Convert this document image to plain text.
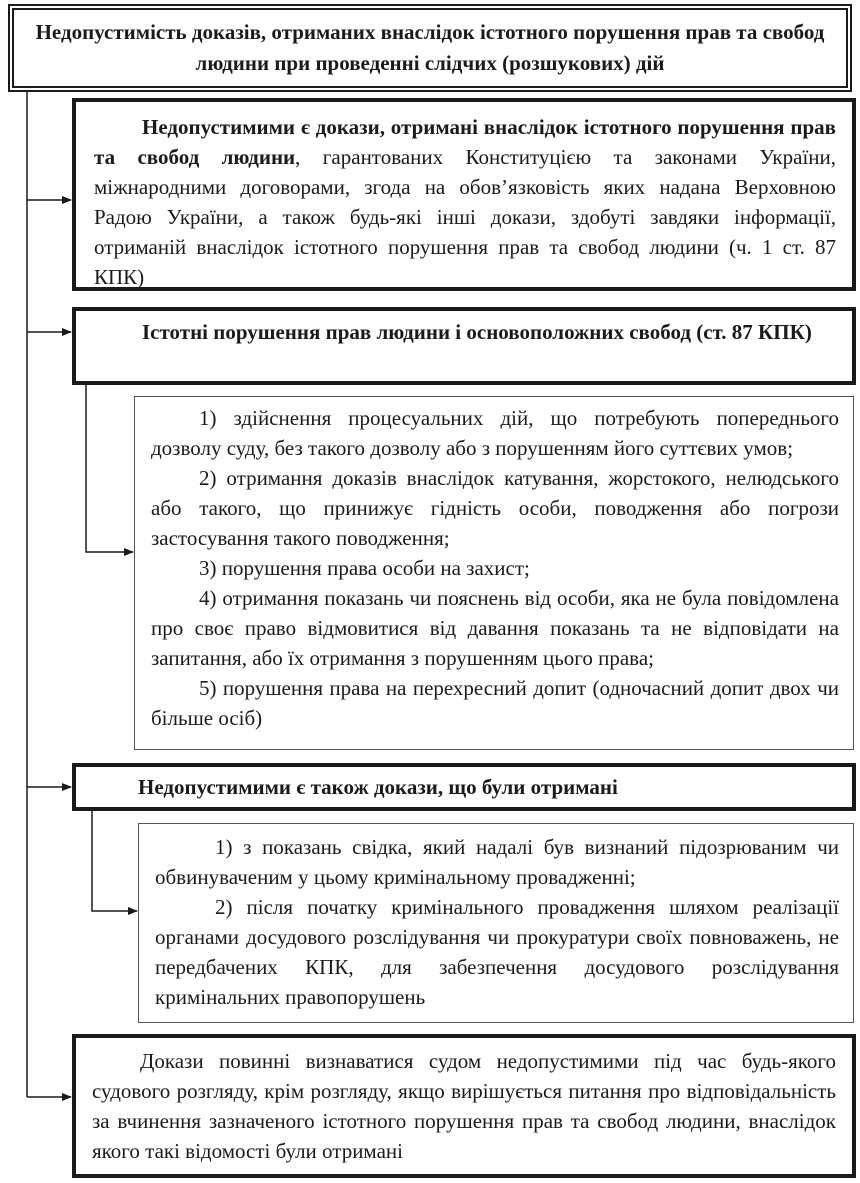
Недопустимість доказів, отриманих внаслідок істотного порушення прав та свобод людини при проведенні слідчих (розшукових) дій

Недопустимими є докази, отримані внаслідок істотного порушення прав та свобод людини, гарантованих Конституцією та законами України, міжнародними договорами, згода на обов’язковість яких надана Верховною Радою України, а також будь-які інші докази, здобуті завдяки інформації, отриманій внаслідок істотного порушення прав та свобод людини (ч. 1 ст. 87 КПК)

Істотні порушення прав людини і основоположних свобод (ст. 87 КПК)

1) здійснення процесуальних дій, що потребують попереднього дозволу суду, без такого дозволу або з порушенням його суттєвих умов;

2) отримання доказів внаслідок катування, жорстокого, нелюдського або такого, що принижує гідність особи, поводження або погрози застосування такого поводження;

3) порушення права особи на захист;

4) отримання показань чи пояснень від особи, яка не була повідомлена про своє право відмовитися від давання показань та не відповідати на запитання, або їх отримання з порушенням цього права;

5) порушення права на перехресний допит (одночасний допит двох чи більше осіб)

Недопустимими є також докази, що були отримані

1) з показань свідка, який надалі був визнаний підозрюваним чи обвинуваченим у цьому кримінальному провадженні;

2) після початку кримінального провадження шляхом реалізації органами досудового розслідування чи прокуратури своїх повноважень, не передбачених КПК, для забезпечення досудового розслідування кримінальних правопорушень

Докази повинні визнаватися судом недопустимими під час будь-якого судового розгляду, крім розгляду, якщо вирішується питання про відповідальність за вчинення зазначеного істотного порушення прав та свобод людини, внаслідок якого такі відомості були отримані
